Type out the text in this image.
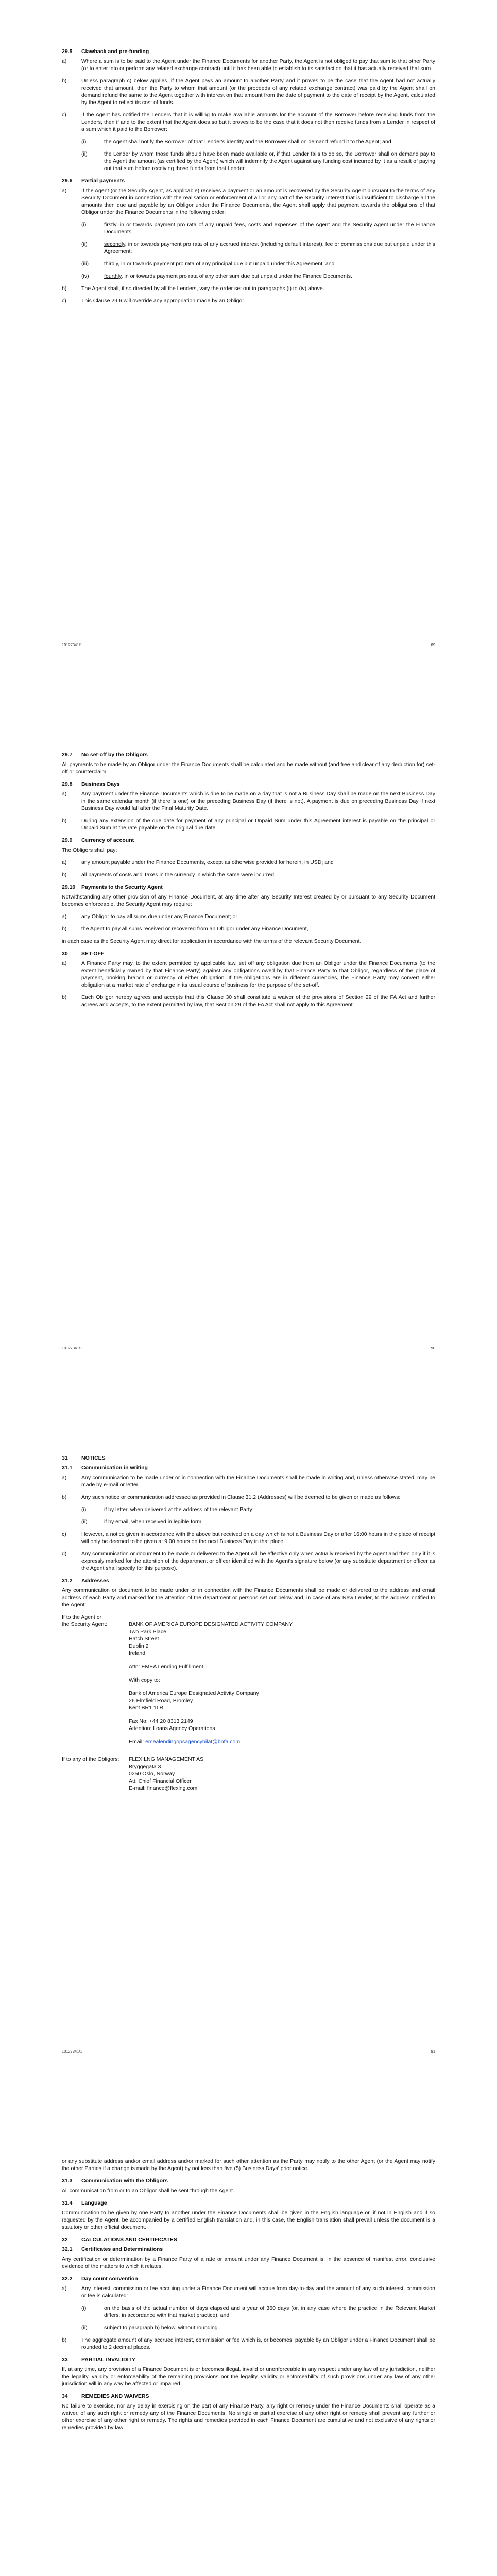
29.5	Clawback and pre-funding
a)	Where a sum is to be paid to the Agent under the Finance Documents for another Party, the Agent is not obliged to pay that sum to that other Party (or to enter into or perform any related exchange contract) until it has been able to establish to its satisfaction that it has actually received that sum.
b)	Unless paragraph c) below applies, if the Agent pays an amount to another Party and it proves to be the case that the Agent had not actually received that amount, then the Party to whom that amount (or the proceeds of any related exchange contract) was paid by the Agent shall on demand refund the same to the Agent together with interest on that amount from the date of payment to the date of receipt by the Agent, calculated by the Agent to reflect its cost of funds.
c)	If the Agent has notified the Lenders that it is willing to make available amounts for the account of the Borrower before receiving funds from the Lenders, then if and to the extent that the Agent does so but it proves to be the case that it does not then receive funds from a Lender in respect of a sum which it paid to the Borrower:
(i)	the Agent shall notify the Borrower of that Lender's identity and the Borrower shall on demand refund it to the Agent; and
(ii)	the Lender by whom those funds should have been made available or, if that Lender fails to do so, the Borrower shall on demand pay to the Agent the amount (as certified by the Agent) which will indemnify the Agent against any funding cost incurred by it as a result of paying out that sum before receiving those funds from that Lender.
29.6	Partial payments
a)	If the Agent (or the Security Agent, as applicable) receives a payment or an amount is recovered by the Security Agent pursuant to the terms of any Security Document in connection with the realisation or enforcement of all or any part of the Security Interest that is insufficient to discharge all the amounts then due and payable by an Obligor under the Finance Documents, the Agent shall apply that payment towards the obligations of that Obligor under the Finance Documents in the following order:
(i)	firstly, in or towards payment pro rata of any unpaid fees, costs and expenses of the Agent and the Security Agent under the Finance Documents;
(ii)	secondly, in or towards payment pro rata of any accrued interest (including default interest), fee or commissions due but unpaid under this Agreement;
(iii)	thirdly, in or towards payment pro rata of any principal due but unpaid under this Agreement; and
(iv)	fourthly, in or towards payment pro rata of any other sum due but unpaid under the Finance Documents.
b)	The Agent shall, if so directed by all the Lenders, vary the order set out in paragraphs (i) to (iv) above.
c)	This Clause 29.6 will override any appropriation made by an Obligor.
10127341/1	89
29.7	No set-off by the Obligors
All payments to be made by an Obligor under the Finance Documents shall be calculated and be made without (and free and clear of any deduction for) set-off or counterclaim.
29.8	Business Days
a)	Any payment under the Finance Documents which is due to be made on a day that is not a Business Day shall be made on the next Business Day in the same calendar month (if there is one) or the preceding Business Day (if there is not). A payment is due on preceding Business Day if next Business Day would fall after the Final Maturity Date.
b)	During any extension of the due date for payment of any principal or Unpaid Sum under this Agreement interest is payable on the principal or Unpaid Sum at the rate payable on the original due date.
29.9	Currency of account
The Obligors shall pay:
a)	any amount payable under the Finance Documents, except as otherwise provided for herein, in USD; and
b)	all payments of costs and Taxes in the currency in which the same were incurred.
29.10	Payments to the Security Agent
Notwithstanding any other provision of any Finance Document, at any time after any Security Interest created by or pursuant to any Security Document becomes enforceable, the Security Agent may require:
a)	any Obligor to pay all sums due under any Finance Document; or
b)	the Agent to pay all sums received or recovered from an Obligor under any Finance Document,
in each case as the Security Agent may direct for application in accordance with the terms of the relevant Security Document.
30	SET-OFF
a)	A Finance Party may, to the extent permitted by applicable law, set off any obligation due from an Obligor under the Finance Documents (to the extent beneficially owned by that Finance Party) against any obligations owed by that Finance Party to that Obligor, regardless of the place of payment, booking branch or currency of either obligation. If the obligations are in different currencies, the Finance Party may convert either obligation at a market rate of exchange in its usual course of business for the purpose of the set-off.
b)	Each Obligor hereby agrees and accepts that this Clause 30 shall constitute a waiver of the provisions of Section 29 of the FA Act and further agrees and accepts, to the extent permitted by law, that Section 29 of the FA Act shall not apply to this Agreement.
10127341/1	90
31	NOTICES
31.1	Communication in writing
a)	Any communication to be made under or in connection with the Finance Documents shall be made in writing and, unless otherwise stated, may be made by e-mail or letter.
b)	Any such notice or communication addressed as provided in Clause 31.2 (Addresses) will be deemed to be given or made as follows:
(i)	if by letter, when delivered at the address of the relevant Party;
(ii)	if by email, when received in legible form.
c)	However, a notice given in accordance with the above but received on a day which is not a Business Day or after 16:00 hours in the place of receipt will only be deemed to be given at 9:00 hours on the next Business Day in that place.
d)	Any communication or document to be made or delivered to the Agent will be effective only when actually received by the Agent and then only if it is expressly marked for the attention of the department or officer identified with the Agent's signature below (or any substitute department or officer as the Agent shall specify for this purpose).
31.2	Addresses
Any communication or document to be made under or in connection with the Finance Documents shall be made or delivered to the address and email address of each Party and marked for the attention of the department or persons set out below and, in case of any New Lender, to the address notified to the Agent:
If to the Agent or
the Security Agent:	BANK OF AMERICA EUROPE DESIGNATED ACTIVITY COMPANY
Two Park Place
Hatch Street
Dublin 2
Ireland
Attn: EMEA Lending Fulfillment
With copy to:
Bank of America Europe Designated Activity Company
26 Elmfield Road, Bromley
Kent BR1 1LR
Fax No: +44 20 8313 2149
Attention: Loans Agency Operations
Email: emealendingopsagencybilat@bofa.com
If to any of the Obligors:	FLEX LNG MANAGEMENT AS
Bryggegata 3
0250 Oslo, Norway
Att: Chief Financial Officer
E-mail: finance@flexlng.com
10127341/1	91
or any substitute address and/or email address and/or marked for such other attention as the Party may notify to the other Agent (or the Agent may notify the other Parties if a change is made by the Agent) by not less than five (5) Business Days' prior notice.
31.3	Communication with the Obligors
All communication from or to an Obligor shall be sent through the Agent.
31.4	Language
Communication to be given by one Party to another under the Finance Documents shall be given in the English language or, if not in English and if so requested by the Agent, be accompanied by a certified English translation and, in this case, the English translation shall prevail unless the document is a statutory or other official document.
32	CALCULATIONS AND CERTIFICATES
32.1	Certificates and Determinations
Any certification or determination by a Finance Party of a rate or amount under any Finance Document is, in the absence of manifest error, conclusive evidence of the matters to which it relates.
32.2	Day count convention
a)	Any interest, commission or fee accruing under a Finance Document will accrue from day-to-day and the amount of any such interest, commission or fee is calculated:
(i)	on the basis of the actual number of days elapsed and a year of 360 days (or, in any case where the practice in the Relevant Market differs, in accordance with that market practice); and
(ii)	subject to paragraph b) below, without rounding.
b)	The aggregate amount of any accrued interest, commission or fee which is, or becomes, payable by an Obligor under a Finance Document shall be rounded to 2 decimal places.
33	PARTIAL INVALIDITY
If, at any time, any provision of a Finance Document is or becomes illegal, invalid or unenforceable in any respect under any law of any jurisdiction, neither the legality, validity or enforceability of the remaining provisions nor the legality, validity or enforceability of such provisions under any law of any other jurisdiction will in any way be affected or impaired.
34	REMEDIES AND WAIVERS
No failure to exercise, nor any delay in exercising on the part of any Finance Party, any right or remedy under the Finance Documents shall operate as a waiver, of any such right or remedy any of the Finance Documents. No single or partial exercise of any other right or remedy shall prevent any further or other exercise of any other right or remedy. The rights and remedies provided in each Finance Document are cumulative and not exclusive of any rights or remedies provided by law.
